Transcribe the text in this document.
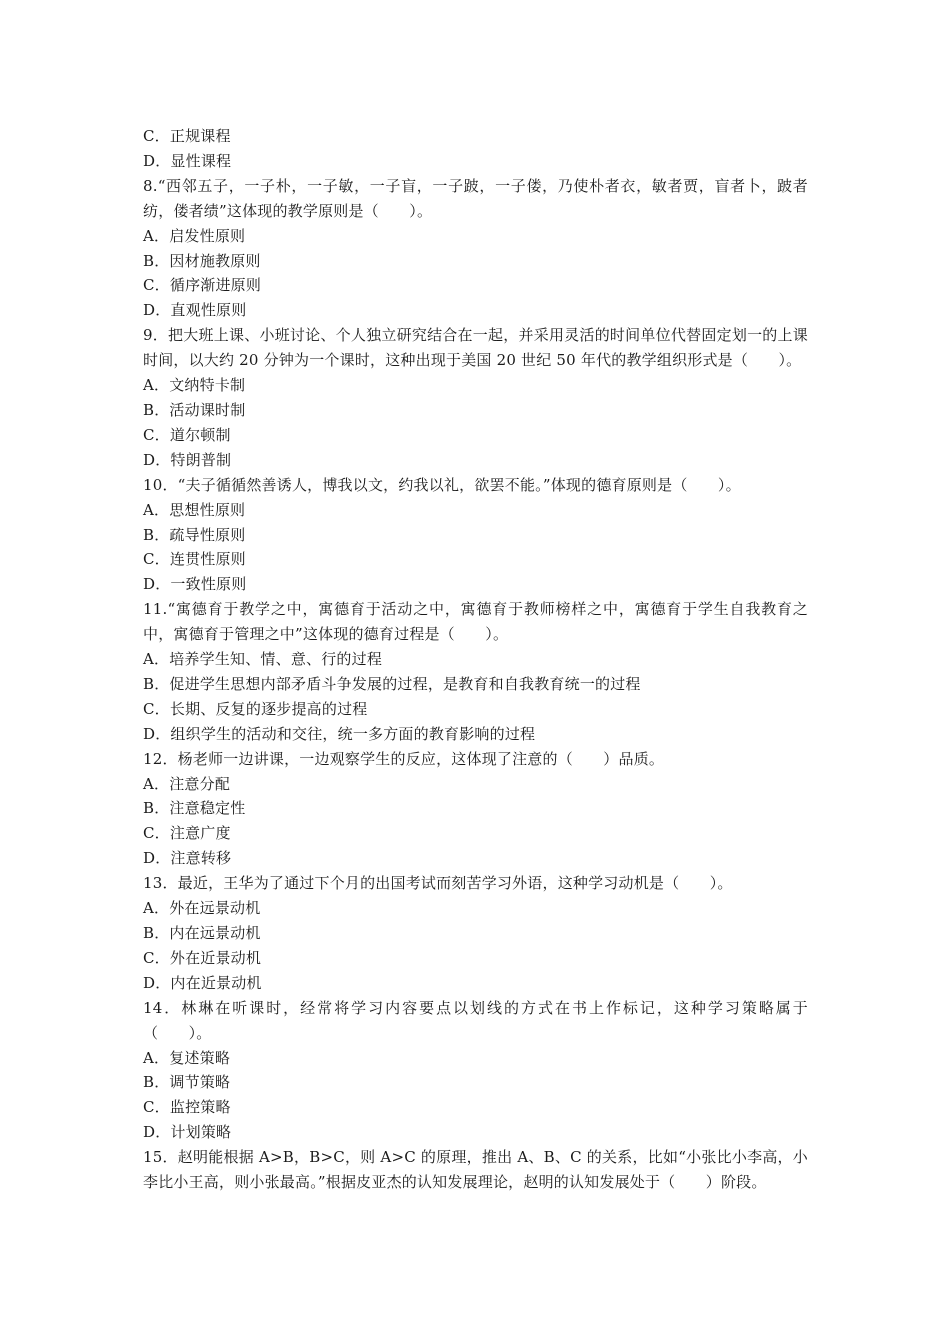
C．正规课程
D．显性课程
8.“西邻五子，一子朴，一子敏，一子盲，一子跛，一子偻，乃使朴者衣，敏者贾，盲者卜，跛者纺，偻者绩”这体现的教学原则是（　　）。
A．启发性原则
B．因材施教原则
C．循序渐进原则
D．直观性原则
9．把大班上课、小班讨论、个人独立研究结合在一起，并采用灵活的时间单位代替固定划一的上课时间，以大约 20 分钟为一个课时，这种出现于美国 20 世纪 50 年代的教学组织形式是（　　）。
A．文纳特卡制
B．活动课时制
C．道尔顿制
D．特朗普制
10．“夫子循循然善诱人，博我以文，约我以礼，欲罢不能。”体现的德育原则是（　　）。
A．思想性原则
B．疏导性原则
C．连贯性原则
D．一致性原则
11.“寓德育于教学之中，寓德育于活动之中，寓德育于教师榜样之中，寓德育于学生自我教育之中，寓德育于管理之中”这体现的德育过程是（　　）。
A．培养学生知、情、意、行的过程
B．促进学生思想内部矛盾斗争发展的过程，是教育和自我教育统一的过程
C．长期、反复的逐步提高的过程
D．组织学生的活动和交往，统一多方面的教育影响的过程
12．杨老师一边讲课，一边观察学生的反应，这体现了注意的（　　）品质。
A．注意分配
B．注意稳定性
C．注意广度
D．注意转移
13．最近，王华为了通过下个月的出国考试而刻苦学习外语，这种学习动机是（　　）。
A．外在远景动机
B．内在远景动机
C．外在近景动机
D．内在近景动机
14．林琳在听课时，经常将学习内容要点以划线的方式在书上作标记，这种学习策略属于（　　）。
A．复述策略
B．调节策略
C．监控策略
D．计划策略
15．赵明能根据 A>B，B>C，则 A>C 的原理，推出 A、B、C 的关系，比如“小张比小李高，小李比小王高，则小张最高。”根据皮亚杰的认知发展理论，赵明的认知发展处于（　　）阶段。
